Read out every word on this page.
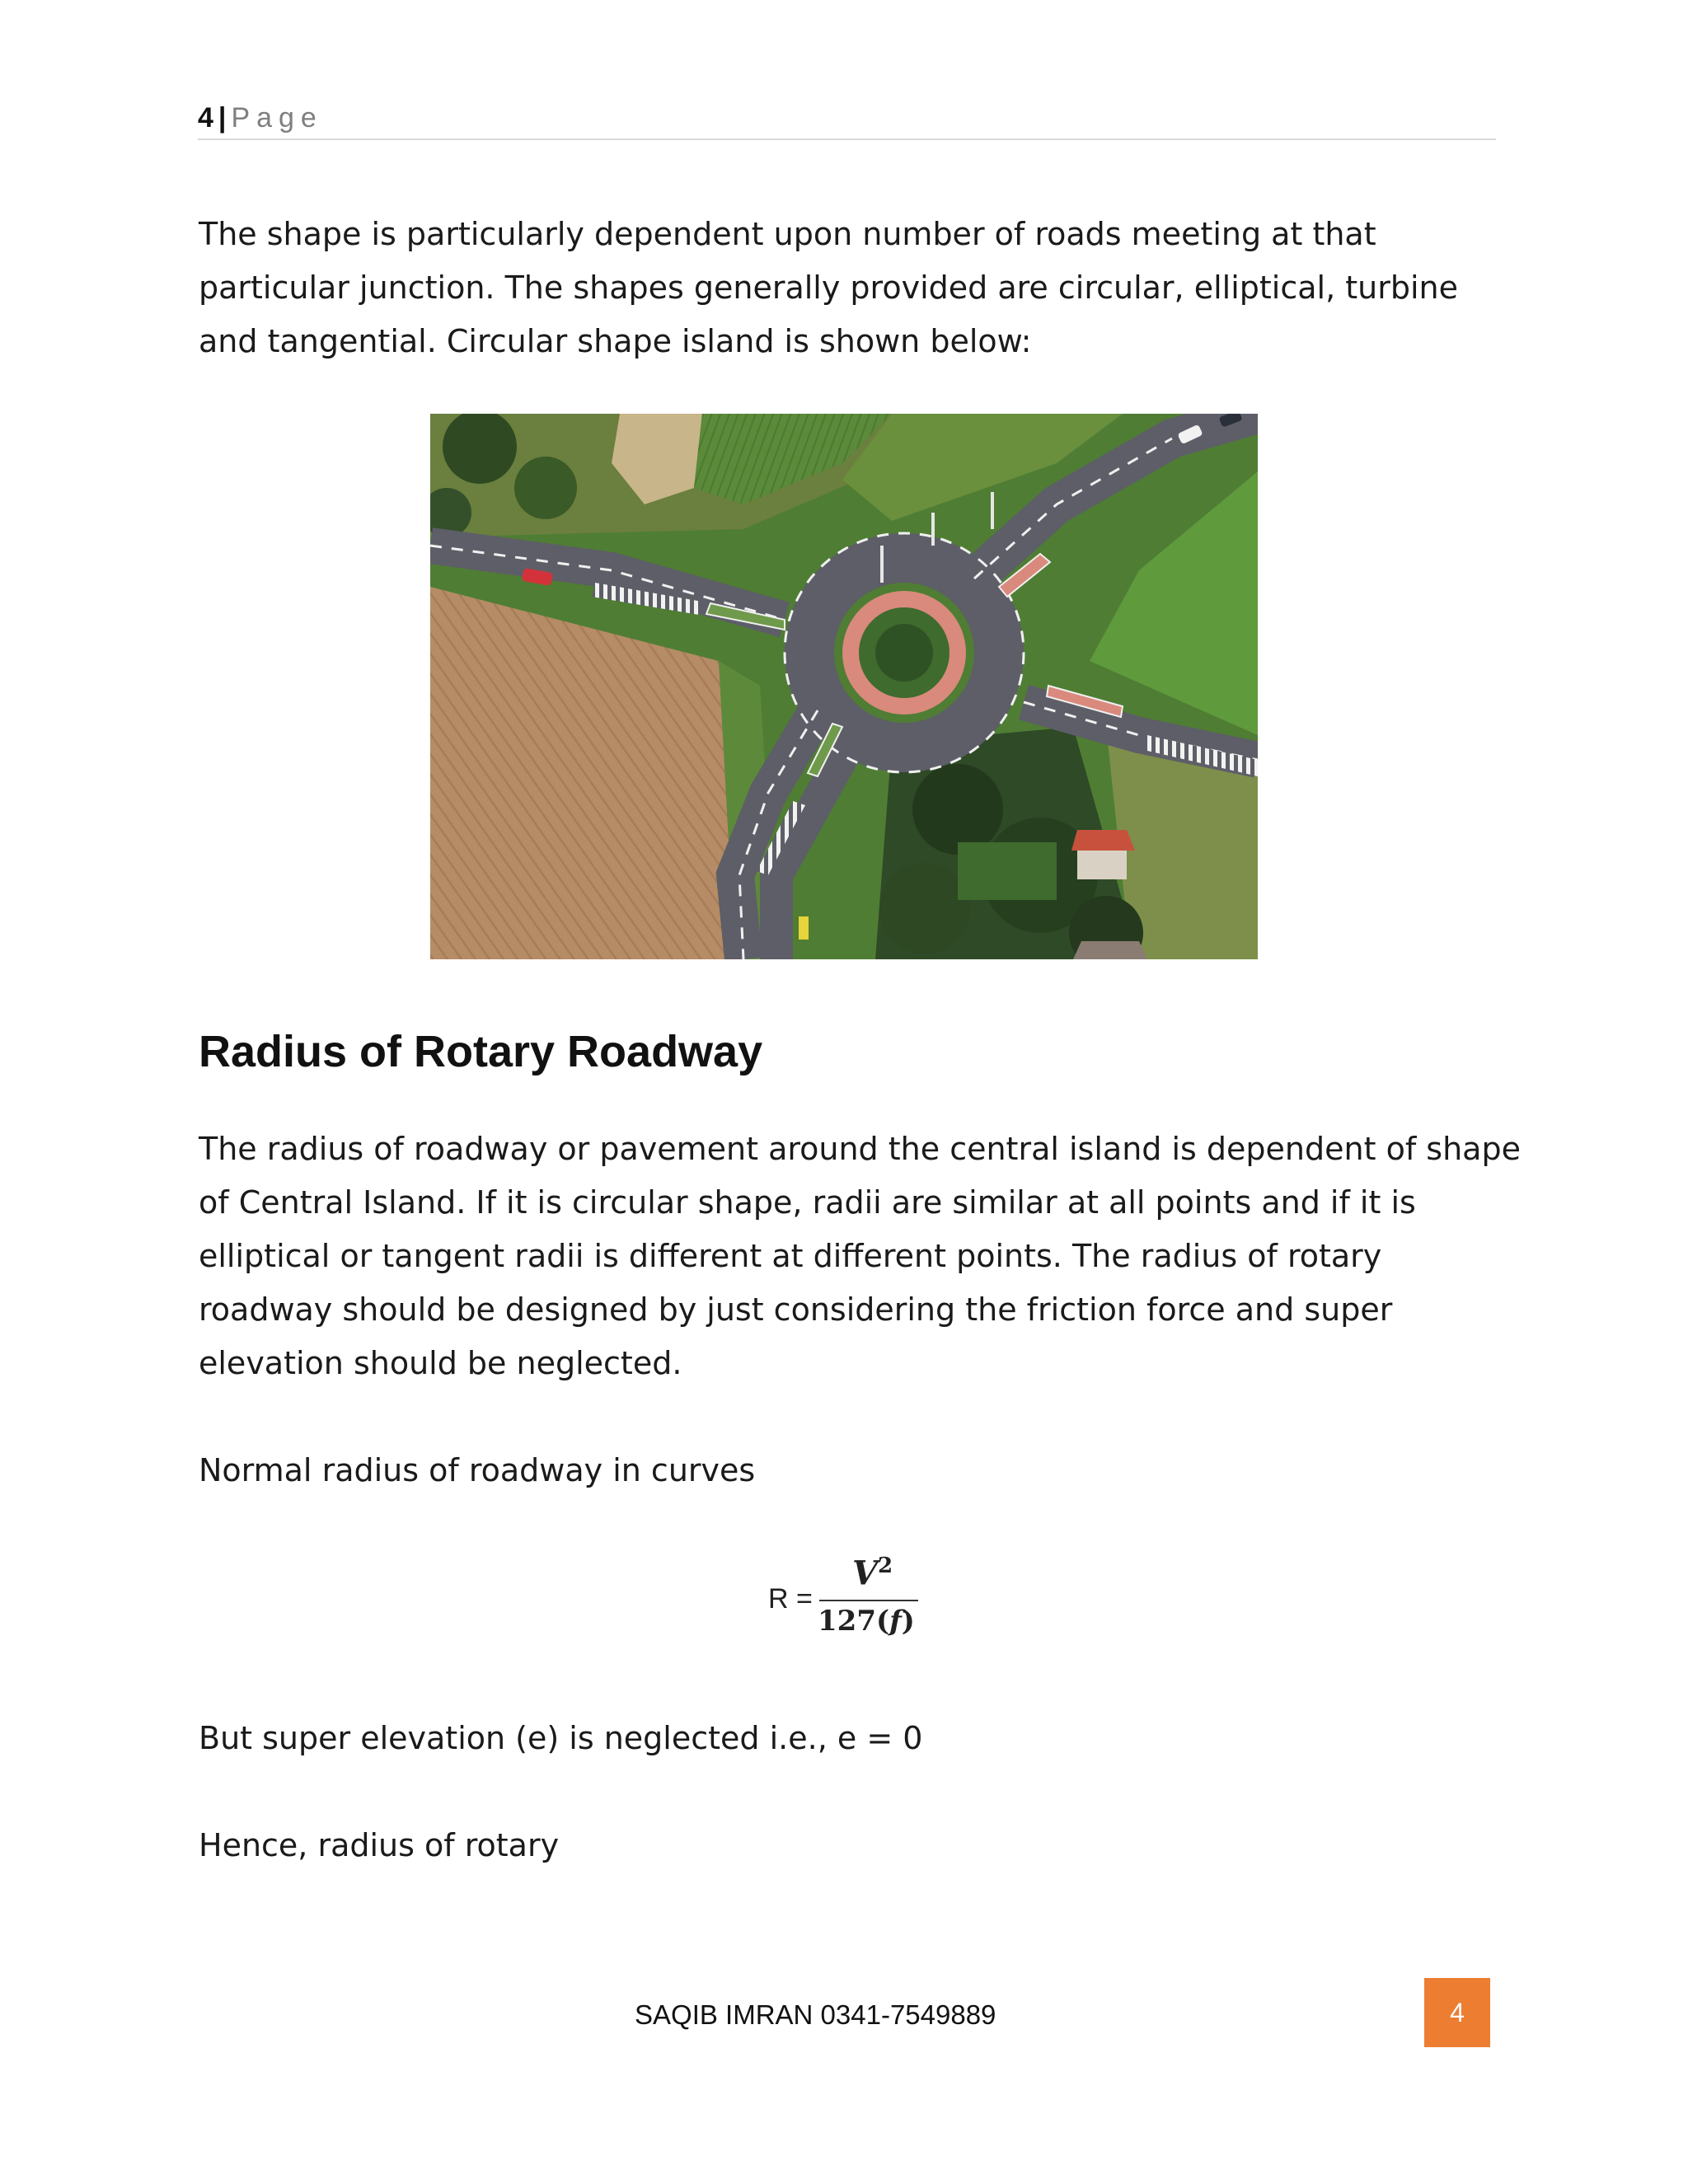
4 | Page

The shape is particularly dependent upon number of roads meeting at that
particular junction. The shapes generally provided are circular, elliptical, turbine
and tangential. Circular shape island is shown below:

Radius of Rotary Roadway

The radius of roadway or pavement around the central island is dependent of shape
of Central Island. If it is circular shape, radii are similar at all points and if it is
elliptical or tangent radii is different at different points. The radius of rotary
roadway should be designed by just considering the friction force and super
elevation should be neglected.

Normal radius of roadway in curves

R =
$V^2$
127(f)

But super elevation (e) is neglected i.e., e = 0

Hence, radius of rotary

SAQIB IMRAN 0341-7549889	4
